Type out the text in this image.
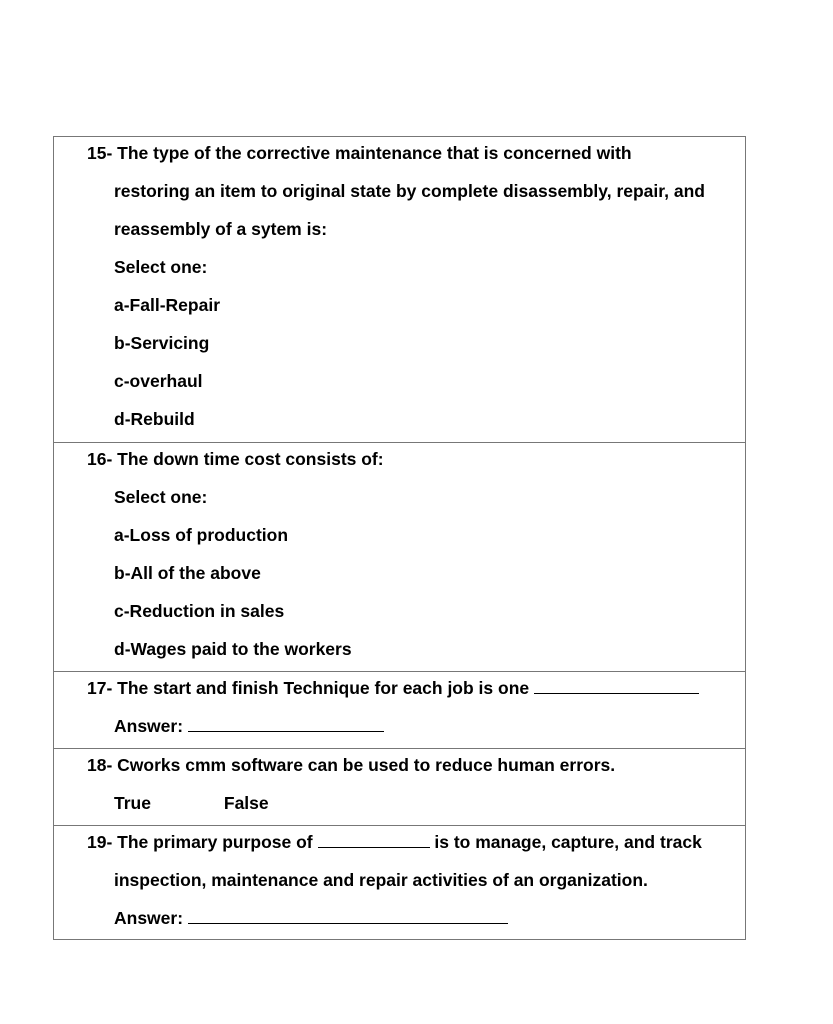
15- The type of the corrective maintenance that is concerned with
restoring an item to original state by complete disassembly, repair, and
reassembly of a sytem is:
Select one:
a-Fall-Repair
b-Servicing
c-overhaul
d-Rebuild
16- The down time cost consists of:
Select one:
a-Loss of production
b-All of the above
c-Reduction in sales
d-Wages paid to the workers
17- The start and finish Technique for each job is one
Answer:
18- Cworks cmm software can be used to reduce human errors.
True	False
19- The primary purpose of	is to manage, capture, and track
inspection, maintenance and repair activities of an organization.
Answer:
